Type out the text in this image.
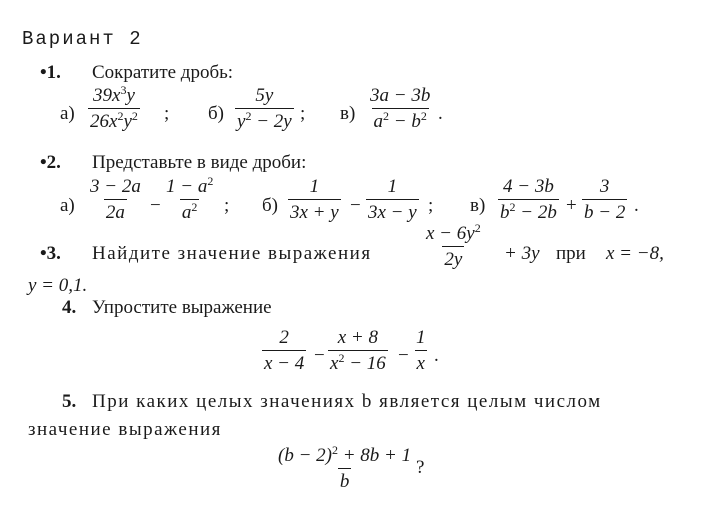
Вариант 2
•1. Сократите дробь:
$а) \frac{39x^3y}{26x^2y^2}$ ; $б) \frac{5y}{y^2 - 2y}$ ; $в) \frac{3a - 3b}{a^2 - b^2}$ .
•2. Представьте в виде дроби:
$а) \frac{3 - 2a}{2a} - \frac{1 - a^2}{a^2}$ ; $б) \frac{1}{3x + y} - \frac{1}{3x - y}$ ; $в) \frac{4 - 3b}{b^2 - 2b} + \frac{3}{b - 2}$ .
•3. Найдите значение выражения	$\frac{x - 6y^2}{2y} + 3y$ при x = −8,
y = 0,1.
4. Упростите выражение
$\frac{2}{x - 4} - \frac{x + 8}{x^2 - 16} - \frac{1}{x}$ .
5. При каких целых значениях b является целым числом
значение выражения
$\frac{(b - 2)^2 + 8b + 1}{b}$ ?
